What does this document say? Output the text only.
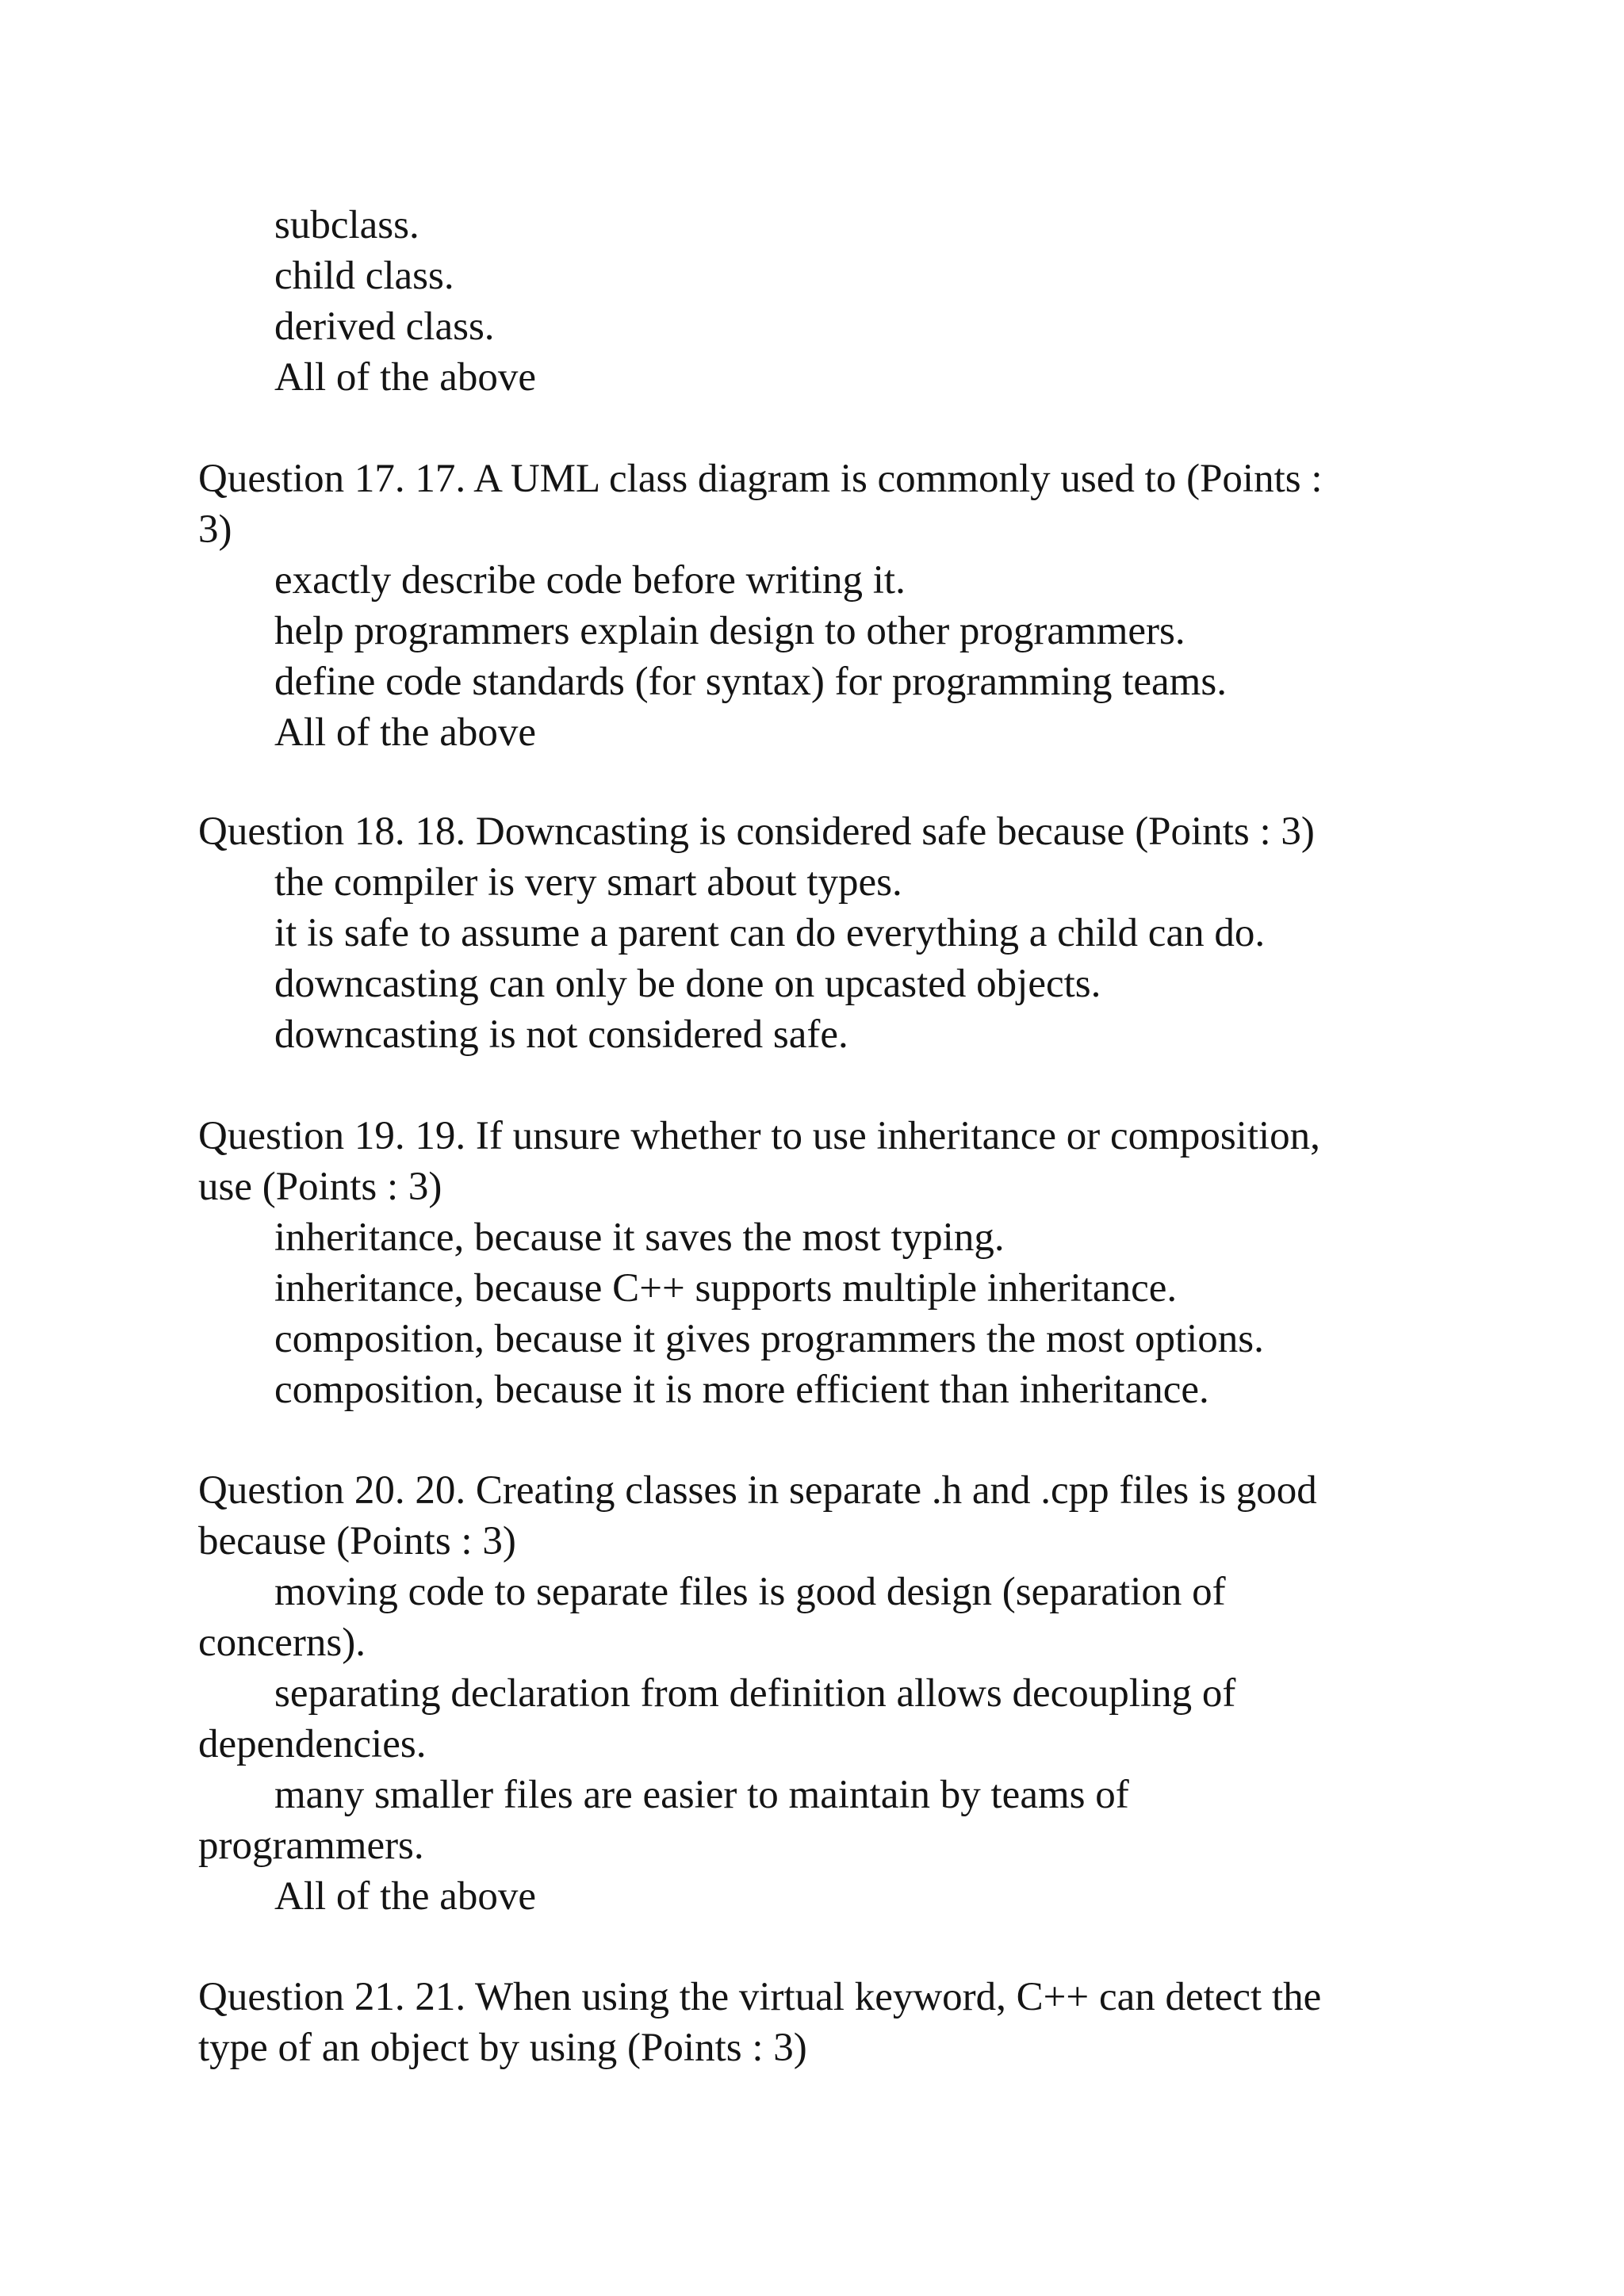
subclass.

child class.

derived class.

All of the above

Question 17. 17. A UML class diagram is commonly used to (Points :

3)

exactly describe code before writing it.

help programmers explain design to other programmers.

define code standards (for syntax) for programming teams.

All of the above

Question 18. 18. Downcasting is considered safe because (Points : 3)

the compiler is very smart about types.

it is safe to assume a parent can do everything a child can do.

downcasting can only be done on upcasted objects.

downcasting is not considered safe.

Question 19. 19. If unsure whether to use inheritance or composition,

use (Points : 3)

inheritance, because it saves the most typing.

inheritance, because C++ supports multiple inheritance.

composition, because it gives programmers the most options.

composition, because it is more efficient than inheritance.

Question 20. 20. Creating classes in separate .h and .cpp files is good

because (Points : 3)

moving code to separate files is good design (separation of

concerns).

separating declaration from definition allows decoupling of

dependencies.

many smaller files are easier to maintain by teams of

programmers.

All of the above

Question 21. 21. When using the virtual keyword, C++ can detect the

type of an object by using (Points : 3)
